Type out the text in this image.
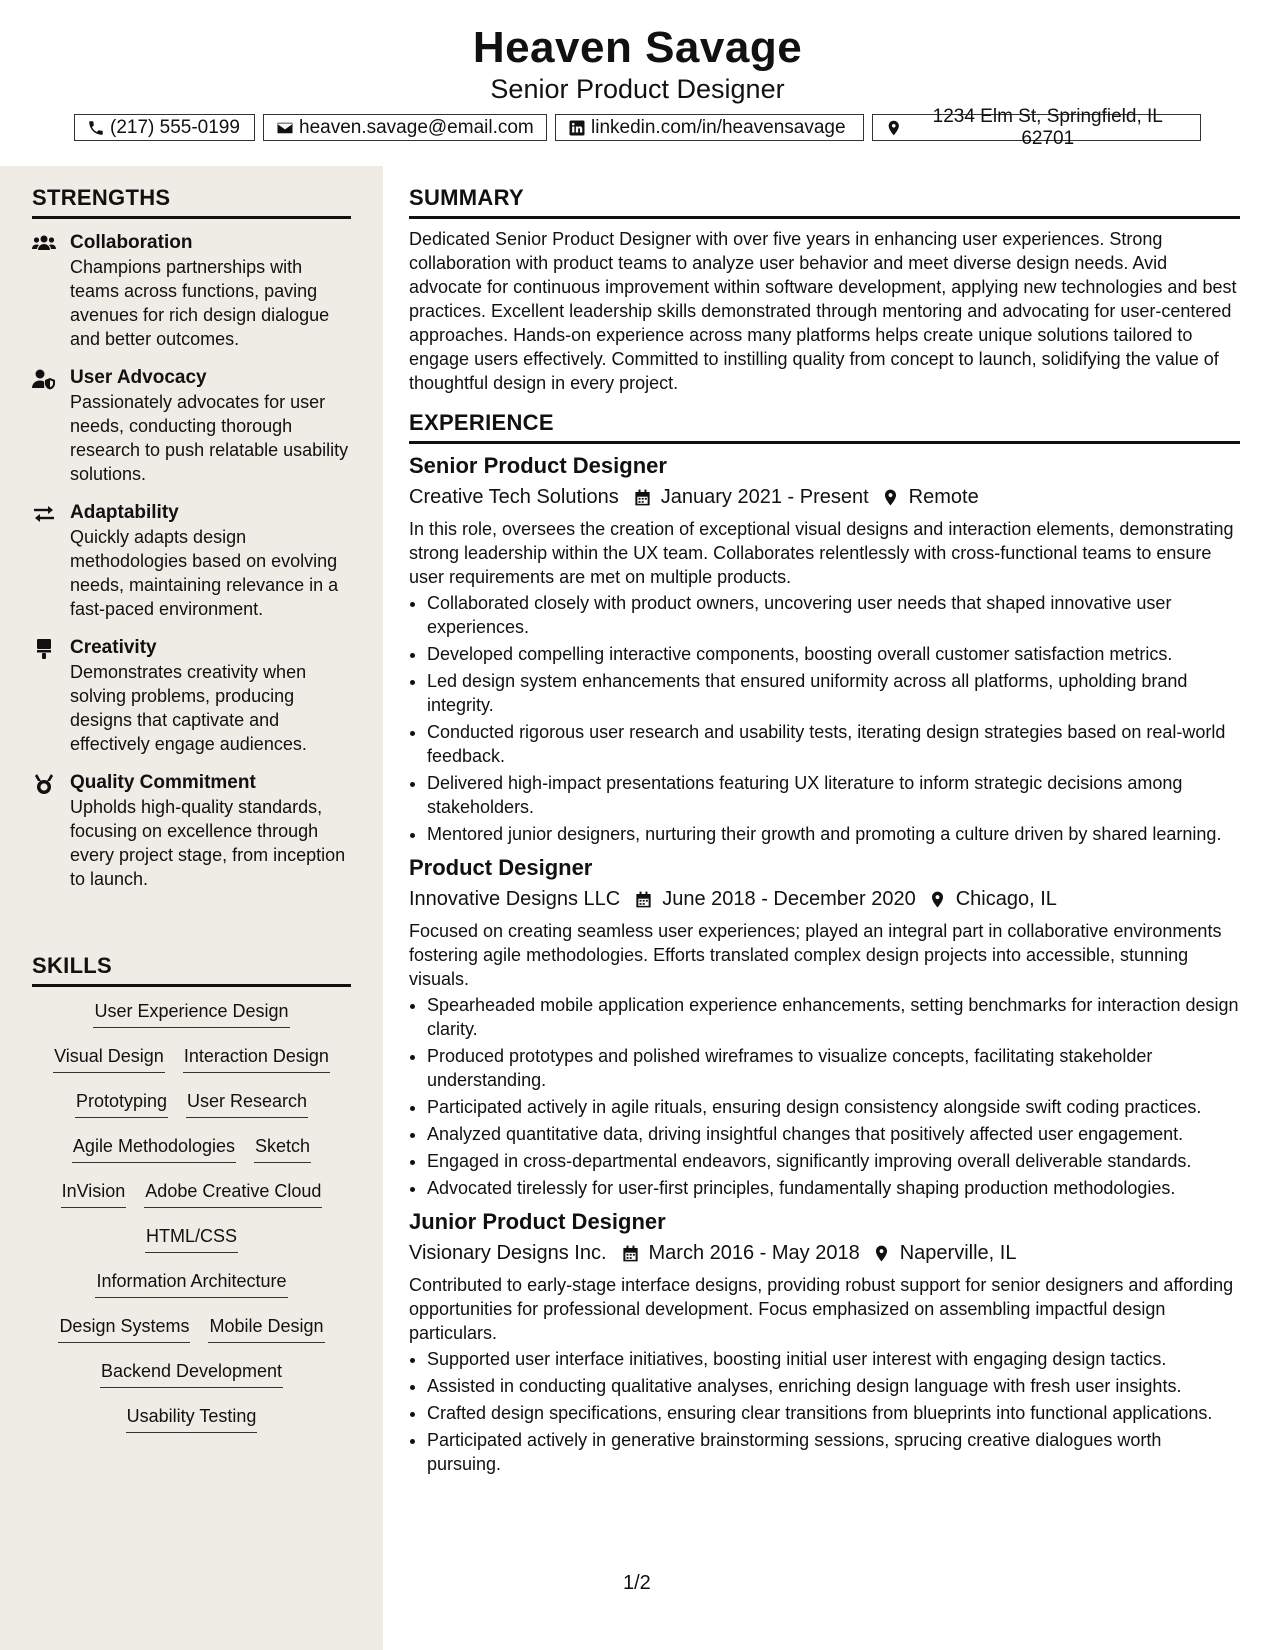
Heaven Savage
Senior Product Designer
(217) 555-0199	heaven.savage@email.com	linkedin.com/in/heavensavage
1234 Elm St, Springfield, IL 62701
STRENGTHS
Collaboration
Champions partnerships with teams across functions, paving avenues for rich design dialogue and better outcomes.
User Advocacy
Passionately advocates for user needs, conducting thorough research to push relatable usability solutions.
Adaptability
Quickly adapts design methodologies based on evolving needs, maintaining relevance in a fast-paced environment.
Creativity
Demonstrates creativity when solving problems, producing designs that captivate and effectively engage audiences.
Quality Commitment
Upholds high-quality standards, focusing on excellence through every project stage, from inception to launch.
SKILLS
User Experience Design
Visual Design Interaction Design
Prototyping User Research
Agile Methodologies Sketch
InVision Adobe Creative Cloud
HTML/CSS
Information Architecture
Design Systems Mobile Design
Backend Development
Usability Testing
SUMMARY
Dedicated Senior Product Designer with over five years in enhancing user experiences. Strong collaboration with product teams to analyze user behavior and meet diverse design needs. Avid advocate for continuous improvement within software development, applying new technologies and best practices. Excellent leadership skills demonstrated through mentoring and advocating for user-centered approaches. Hands-on experience across many platforms helps create unique solutions tailored to engage users effectively. Committed to instilling quality from concept to launch, solidifying the value of thoughtful design in every project.
EXPERIENCE
Senior Product Designer
Creative Tech Solutions January 2021 - Present Remote
In this role, oversees the creation of exceptional visual designs and interaction elements, demonstrating strong leadership within the UX team. Collaborates relentlessly with cross-functional teams to ensure user requirements are met on multiple products.
• Collaborated closely with product owners, uncovering user needs that shaped innovative user experiences.
• Developed compelling interactive components, boosting overall customer satisfaction metrics.
• Led design system enhancements that ensured uniformity across all platforms, upholding brand integrity.
• Conducted rigorous user research and usability tests, iterating design strategies based on real-world feedback.
• Delivered high-impact presentations featuring UX literature to inform strategic decisions among stakeholders.
• Mentored junior designers, nurturing their growth and promoting a culture driven by shared learning.
Product Designer
Innovative Designs LLC June 2018 - December 2020 Chicago, IL
Focused on creating seamless user experiences; played an integral part in collaborative environments fostering agile methodologies. Efforts translated complex design projects into accessible, stunning visuals.
• Spearheaded mobile application experience enhancements, setting benchmarks for interaction design clarity.
• Produced prototypes and polished wireframes to visualize concepts, facilitating stakeholder understanding.
• Participated actively in agile rituals, ensuring design consistency alongside swift coding practices.
• Analyzed quantitative data, driving insightful changes that positively affected user engagement.
• Engaged in cross-departmental endeavors, significantly improving overall deliverable standards.
• Advocated tirelessly for user-first principles, fundamentally shaping production methodologies.
Junior Product Designer
Visionary Designs Inc. March 2016 - May 2018 Naperville, IL
Contributed to early-stage interface designs, providing robust support for senior designers and affording opportunities for professional development. Focus emphasized on assembling impactful design particulars.
• Supported user interface initiatives, boosting initial user interest with engaging design tactics.
• Assisted in conducting qualitative analyses, enriching design language with fresh user insights.
• Crafted design specifications, ensuring clear transitions from blueprints into functional applications.
• Participated actively in generative brainstorming sessions, sprucing creative dialogues worth pursuing.
1/2
